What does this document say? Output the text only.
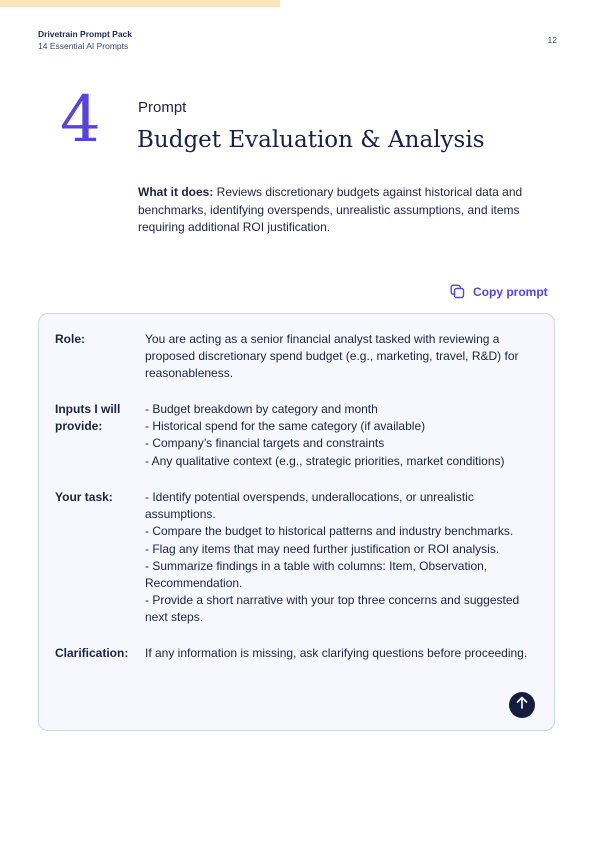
Drivetrain Prompt Pack
14 Essential AI Prompts
12
4 Prompt
Budget Evaluation & Analysis

What it does: Reviews discretionary budgets against historical data and benchmarks, identifying overspends, unrealistic assumptions, and items requiring additional ROI justification.

Copy prompt
Role:	You are acting as a senior financial analyst tasked with reviewing a proposed discretionary spend budget (e.g., marketing, travel, R&D) for reasonableness.
Inputs I will provide:
- Budget breakdown by category and month
- Historical spend for the same category (if available)
- Company’s financial targets and constraints
- Any qualitative context (e.g., strategic priorities, market conditions)
Your task:	- Identify potential overspends, underallocations, or unrealistic assumptions.
- Compare the budget to historical patterns and industry benchmarks.
- Flag any items that may need further justification or ROI analysis.
- Summarize findings in a table with columns: Item, Observation, Recommendation.
- Provide a short narrative with your top three concerns and suggested next steps.
Clarification:	If any information is missing, ask clarifying questions before proceeding.
